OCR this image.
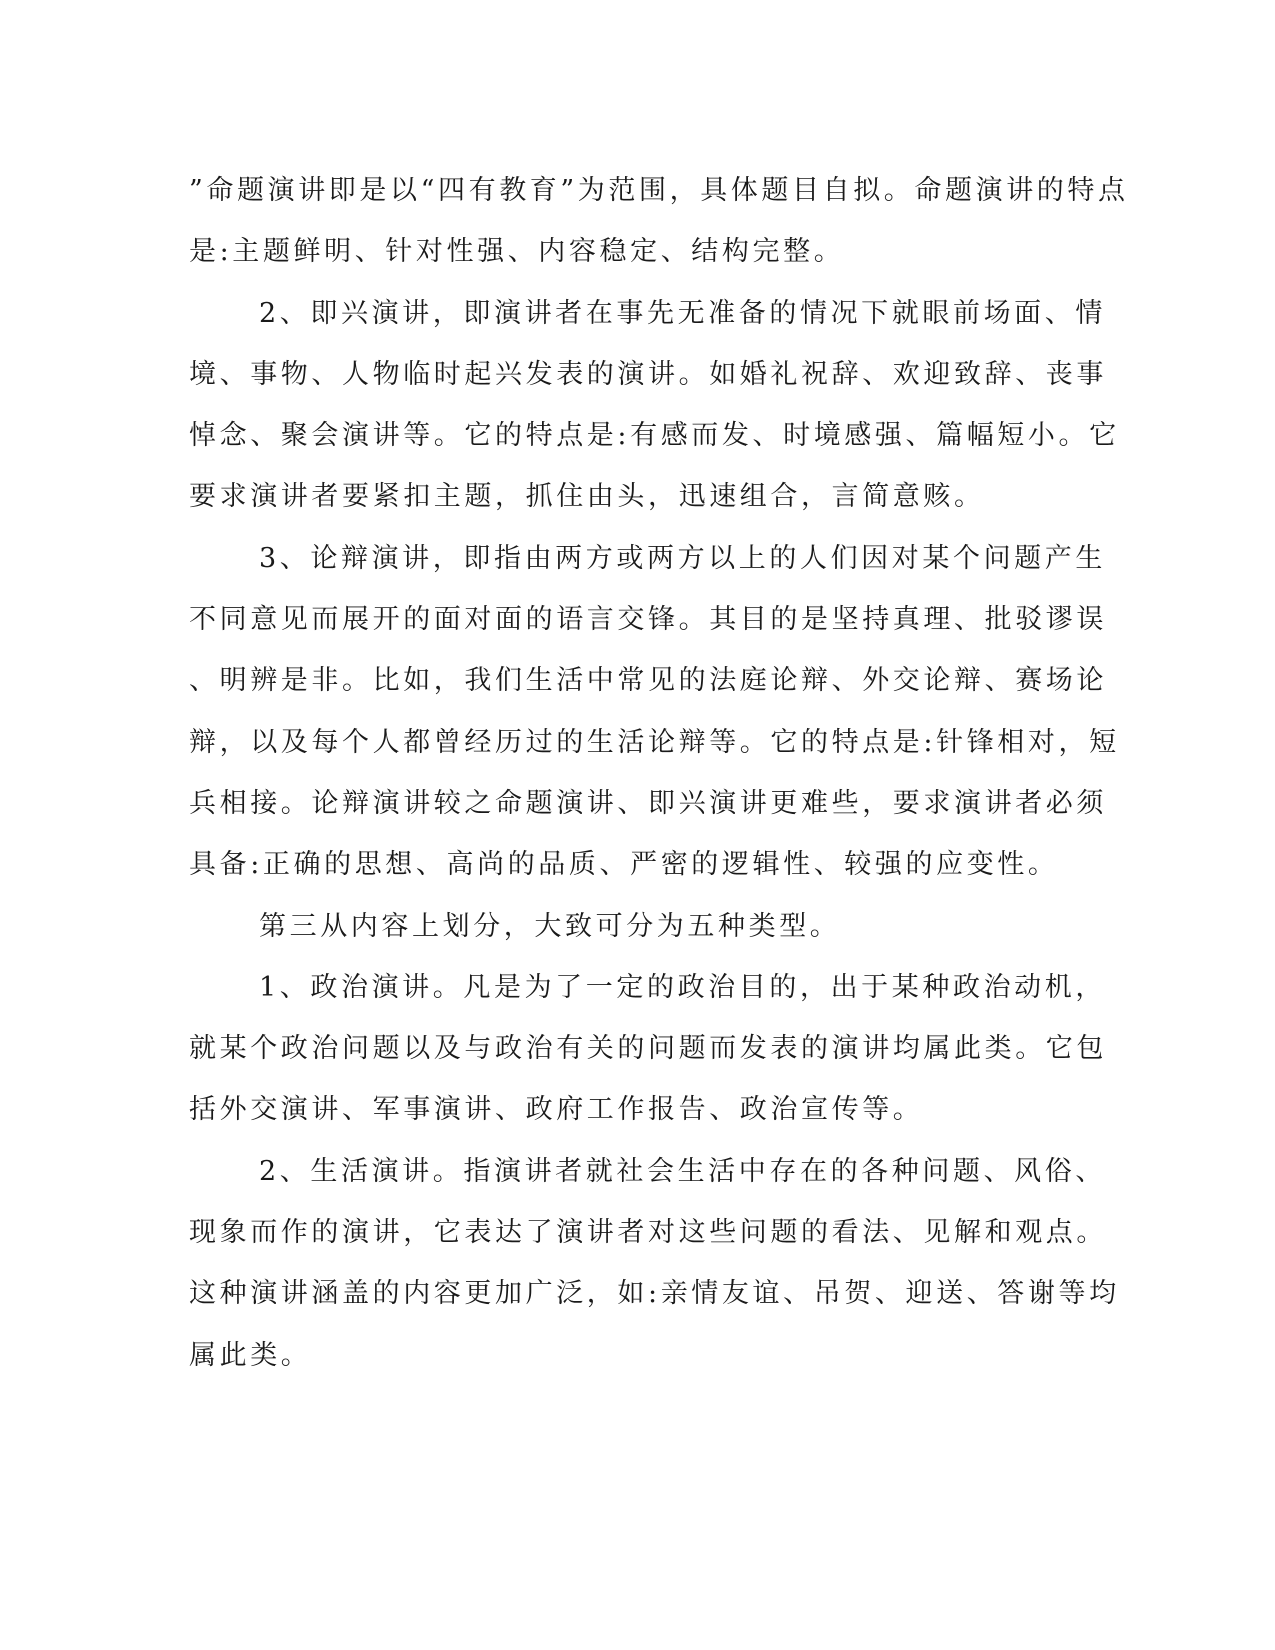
”命题演讲即是以“四有教育”为范围，具体题目自拟。命题演讲的特点
是:主题鲜明、针对性强、内容稳定、结构完整。
2、即兴演讲，即演讲者在事先无准备的情况下就眼前场面、情
境、事物、人物临时起兴发表的演讲。如婚礼祝辞、欢迎致辞、丧事
悼念、聚会演讲等。它的特点是:有感而发、时境感强、篇幅短小。它
要求演讲者要紧扣主题，抓住由头，迅速组合，言简意赅。
3、论辩演讲，即指由两方或两方以上的人们因对某个问题产生
不同意见而展开的面对面的语言交锋。其目的是坚持真理、批驳谬误
、明辨是非。比如，我们生活中常见的法庭论辩、外交论辩、赛场论
辩，以及每个人都曾经历过的生活论辩等。它的特点是:针锋相对，短
兵相接。论辩演讲较之命题演讲、即兴演讲更难些，要求演讲者必须
具备:正确的思想、高尚的品质、严密的逻辑性、较强的应变性。
第三从内容上划分，大致可分为五种类型。
1、政治演讲。凡是为了一定的政治目的，出于某种政治动机，
就某个政治问题以及与政治有关的问题而发表的演讲均属此类。它包
括外交演讲、军事演讲、政府工作报告、政治宣传等。
2、生活演讲。指演讲者就社会生活中存在的各种问题、风俗、
现象而作的演讲，它表达了演讲者对这些问题的看法、见解和观点。
这种演讲涵盖的内容更加广泛，如:亲情友谊、吊贺、迎送、答谢等均
属此类。
